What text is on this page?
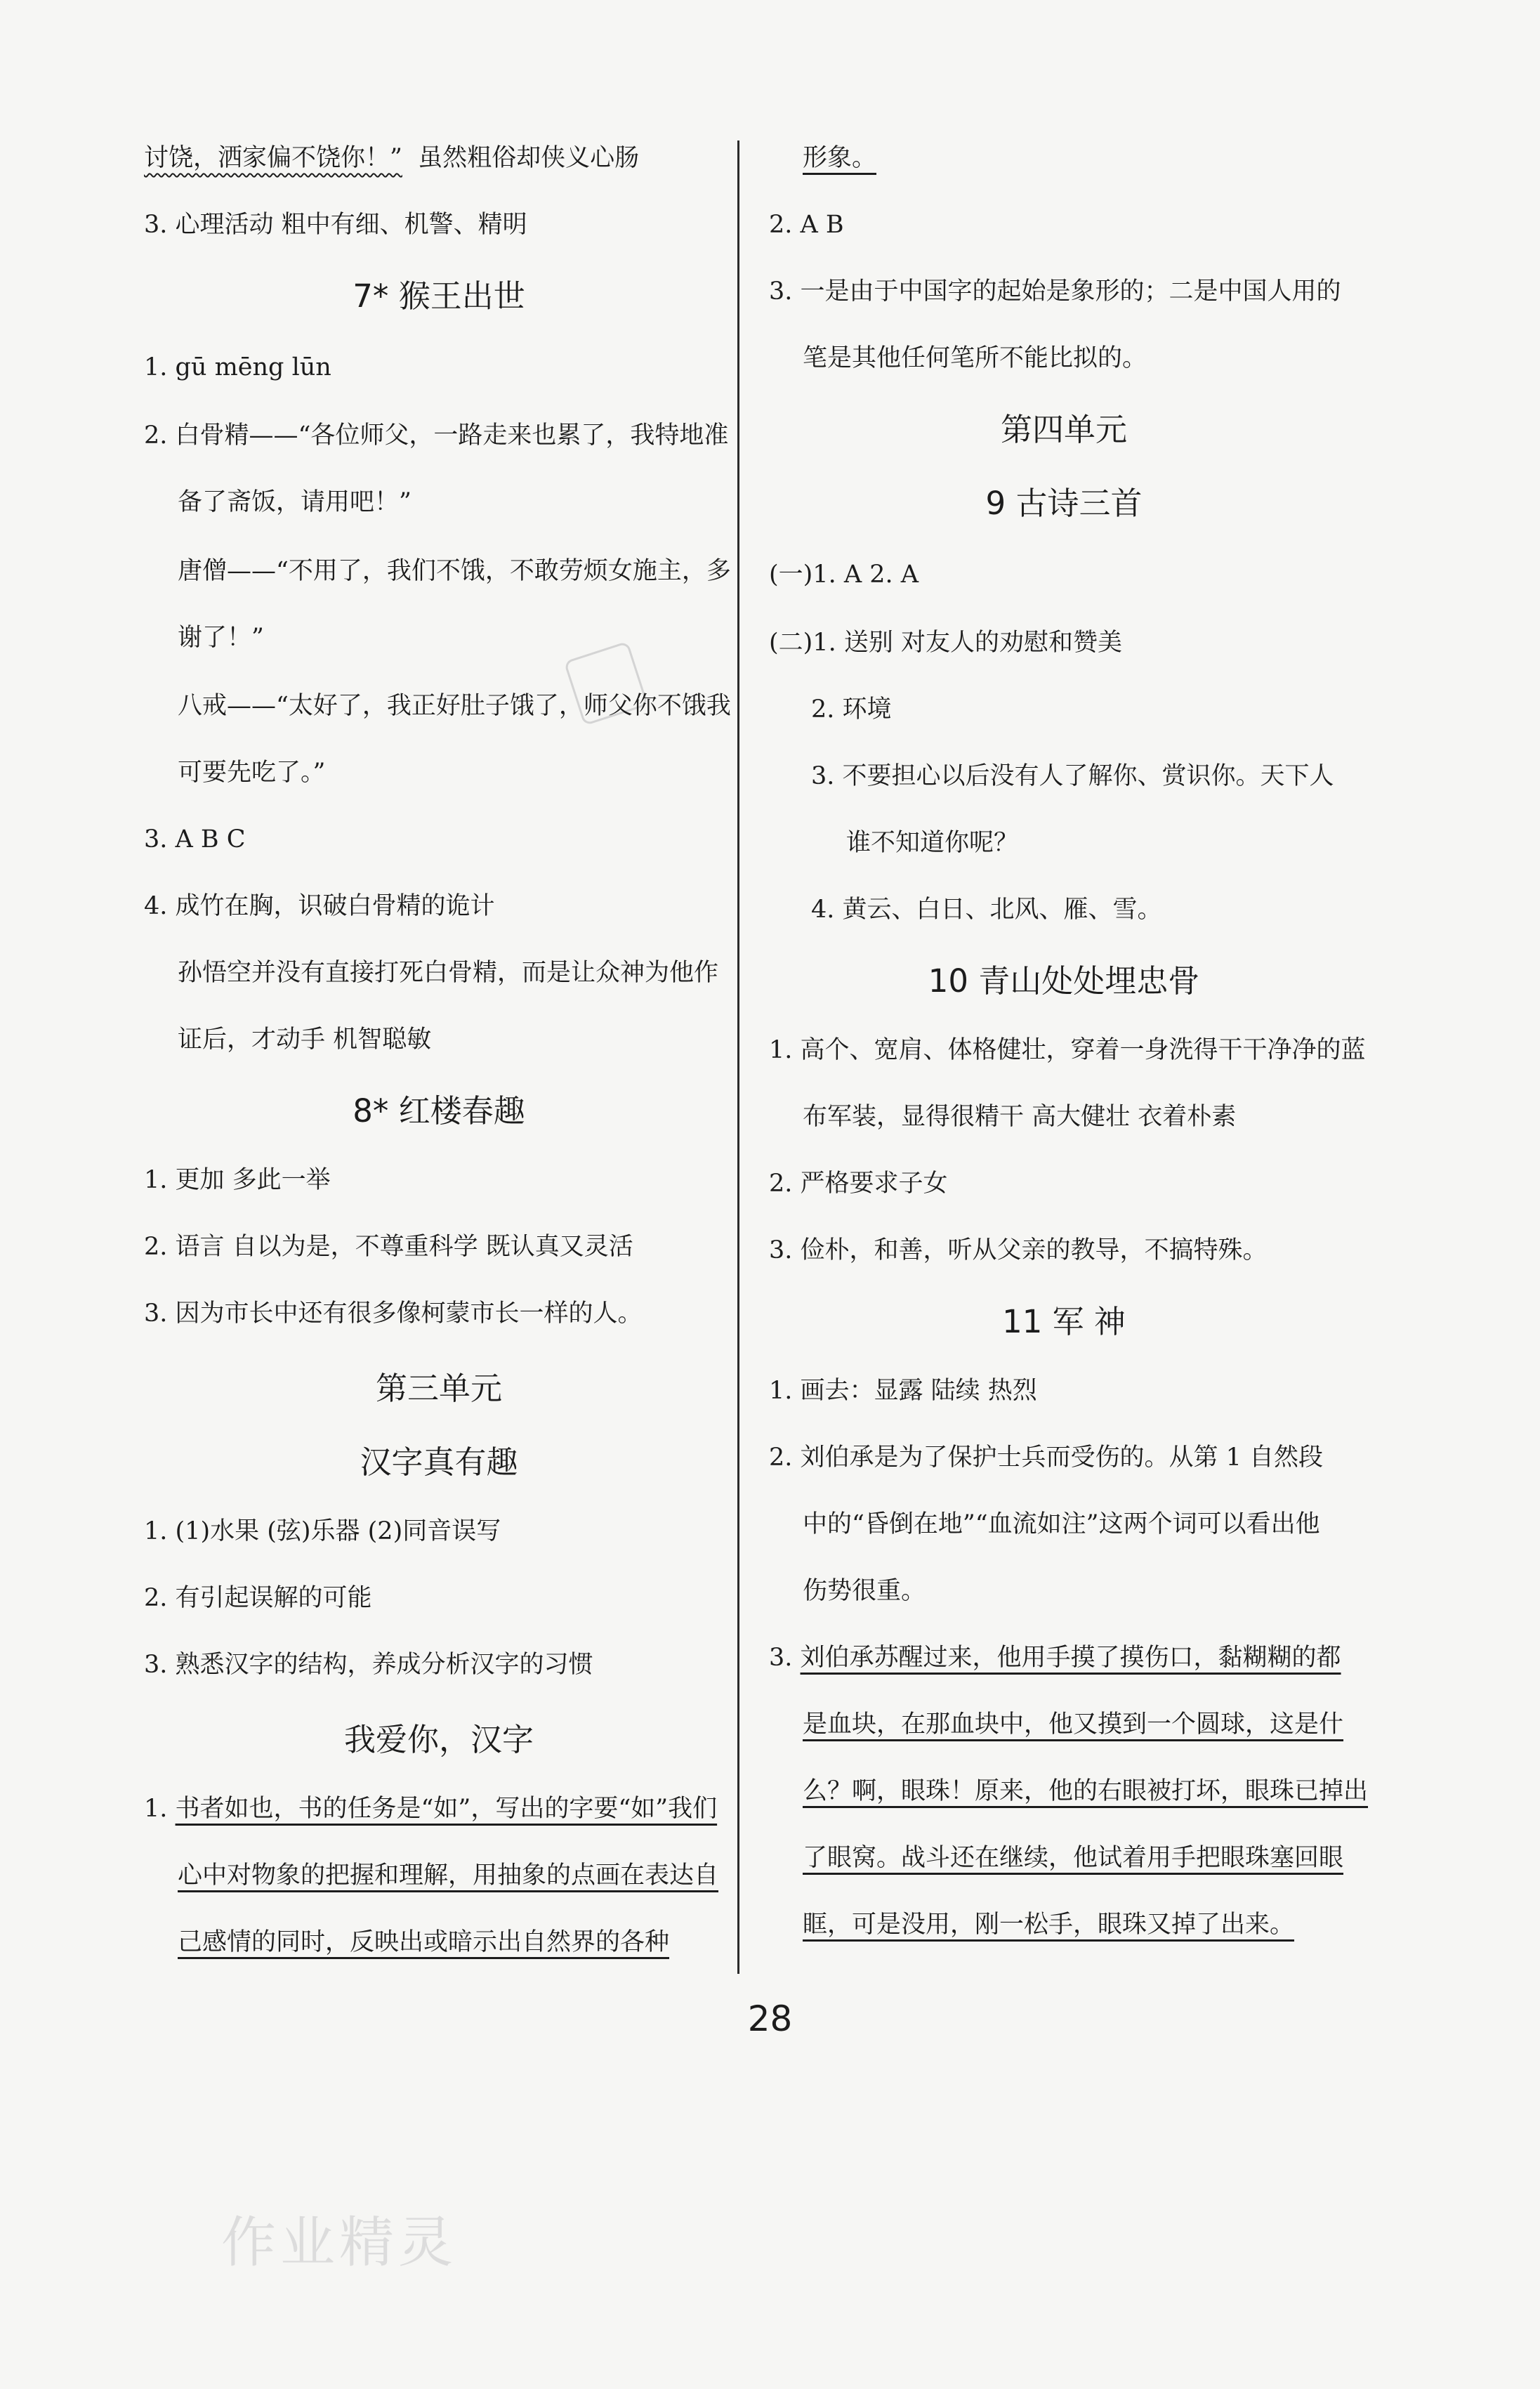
讨饶，洒家偏不饶你！”  虽然粗俗却侠义心肠
3. 心理活动 粗中有细、机警、精明
7* 猴王出世
1. gū mēng lūn
2. 白骨精——“各位师父，一路走来也累了，我特地准
备了斋饭，请用吧！”
唐僧——“不用了，我们不饿，不敢劳烦女施主，多
谢了！”
八戒——“太好了，我正好肚子饿了，师父你不饿我
可要先吃了。”
3. A B C
4. 成竹在胸，识破白骨精的诡计
孙悟空并没有直接打死白骨精，而是让众神为他作
证后，才动手 机智聪敏
8* 红楼春趣
1. 更加 多此一举
2. 语言 自以为是，不尊重科学 既认真又灵活
3. 因为市长中还有很多像柯蒙市长一样的人。
第三单元
汉字真有趣
1. (1)水果 (弦)乐器 (2)同音误写
2. 有引起误解的可能
3. 熟悉汉字的结构，养成分析汉字的习惯
我爱你，汉字
1. 书者如也，书的任务是“如”，写出的字要“如”我们
心中对物象的把握和理解，用抽象的点画在表达自
己感情的同时，反映出或暗示出自然界的各种
形象。
2. A B
3. 一是由于中国字的起始是象形的；二是中国人用的
笔是其他任何笔所不能比拟的。
第四单元
9 古诗三首
(一)1. A 2. A
(二)1. 送别 对友人的劝慰和赞美
2. 环境
3. 不要担心以后没有人了解你、赏识你。天下人
谁不知道你呢？
4. 黄云、白日、北风、雁、雪。
10 青山处处埋忠骨
1. 高个、宽肩、体格健壮，穿着一身洗得干干净净的蓝
布军装，显得很精干 高大健壮 衣着朴素
2. 严格要求子女
3. 俭朴，和善，听从父亲的教导，不搞特殊。
11 军 神
1. 画去：显露 陆续 热烈
2. 刘伯承是为了保护士兵而受伤的。从第 1 自然段
中的“昏倒在地”“血流如注”这两个词可以看出他
伤势很重。
3. 刘伯承苏醒过来，他用手摸了摸伤口，黏糊糊的都
是血块，在那血块中，他又摸到一个圆球，这是什
么？啊，眼珠！原来，他的右眼被打坏，眼珠已掉出
了眼窝。战斗还在继续，他试着用手把眼珠塞回眼
眶，可是没用，刚一松手，眼珠又掉了出来。
28
作业精灵
